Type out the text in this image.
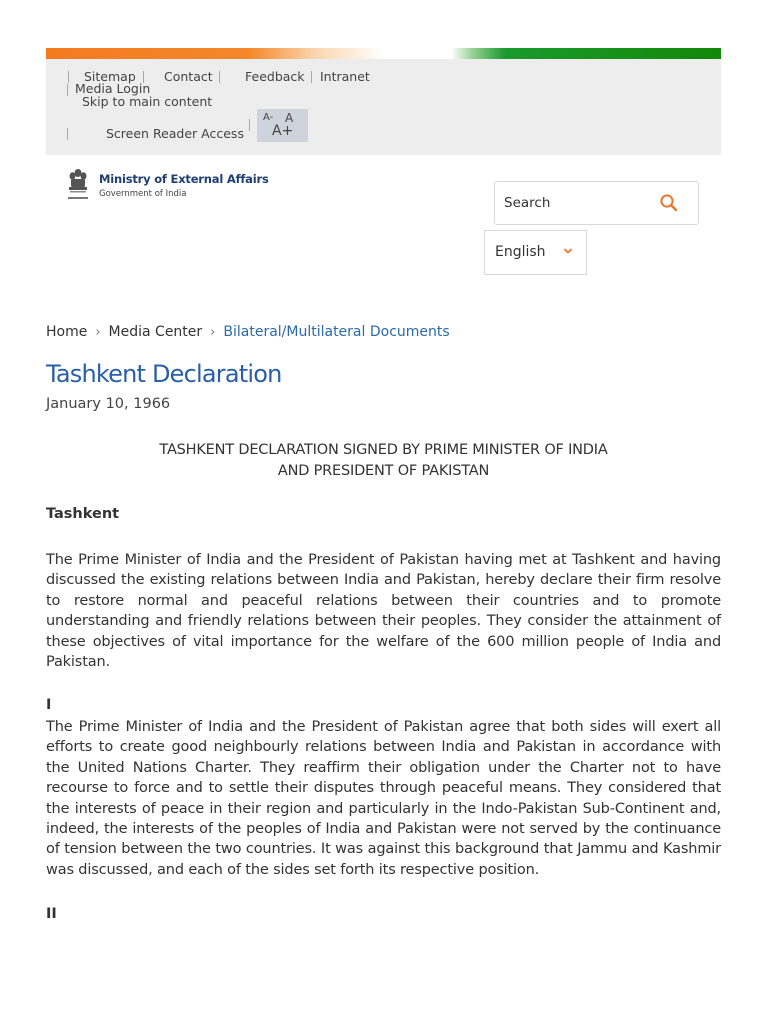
Sitemap Contact	Feedback Intranet
Media Login
Skip to main content
Screen Reader Access
A- A
A+
Ministry of External Affairs
Government of India
Search
English
Home › Media Center › Bilateral/Multilateral Documents
Tashkent Declaration
January 10, 1966
TASHKENT DECLARATION SIGNED BY PRIME MINISTER OF INDIA
AND PRESIDENT OF PAKISTAN
Tashkent

The Prime Minister of India and the President of Pakistan having met at Tashkent and having discussed the existing relations between India and Pakistan, hereby declare their firm resolve to restore normal and peaceful relations between their countries and to promote understanding and friendly relations between their peoples. They consider the attainment of these objectives of vital importance for the welfare of the 600 million people of India and Pakistan.

I

The Prime Minister of India and the President of Pakistan agree that both sides will exert all efforts to create good neighbourly relations between India and Pakistan in accordance with the United Nations Charter. They reaffirm their obligation under the Charter not to have recourse to force and to settle their disputes through peaceful means. They considered that the interests of peace in their region and particularly in the Indo-Pakistan Sub-Continent and, indeed, the interests of the peoples of India and Pakistan were not served by the continuance of tension between the two countries. It was against this background that Jammu and Kashmir was discussed, and each of the sides set forth its respective position.

II
